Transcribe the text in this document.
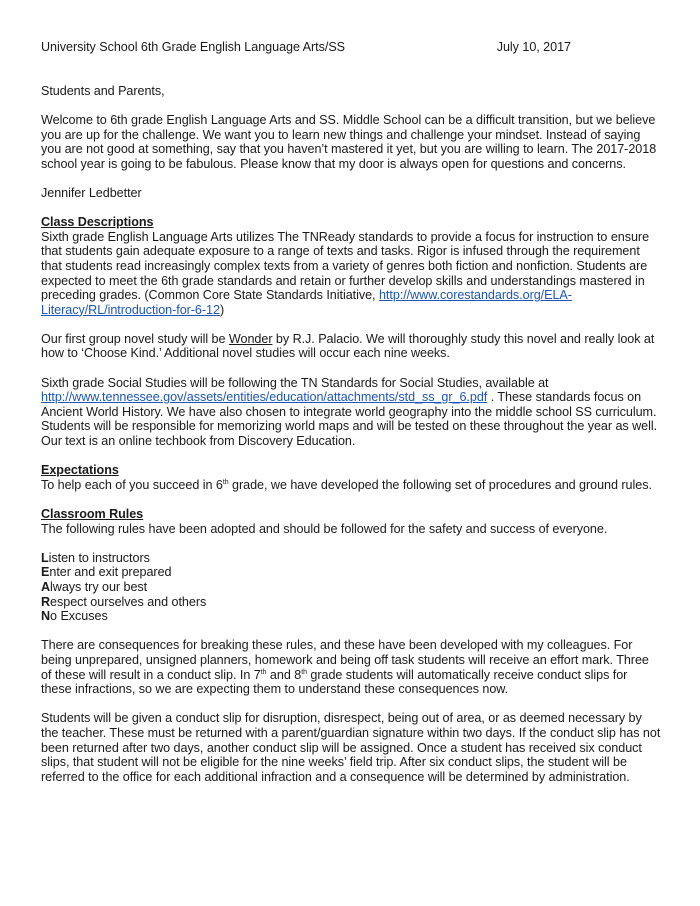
University School 6th Grade English Language Arts/SS	July 10, 2017

Students and Parents,

Welcome to 6th grade English Language Arts and SS. Middle School can be a difficult transition, but we believe you are up for the challenge. We want you to learn new things and challenge your mindset. Instead of saying you are not good at something, say that you haven’t mastered it yet, but you are willing to learn. The 2017-2018 school year is going to be fabulous. Please know that my door is always open for questions and concerns.

Jennifer Ledbetter

Class Descriptions

Sixth grade English Language Arts utilizes The TNReady standards to provide a focus for instruction to ensure that students gain adequate exposure to a range of texts and tasks. Rigor is infused through the requirement that students read increasingly complex texts from a variety of genres both fiction and nonfiction. Students are expected to meet the 6th grade standards and retain or further develop skills and understandings mastered in preceding grades. (Common Core State Standards Initiative, http://www.corestandards.org/ELA-Literacy/RL/introduction-for-6-12)

Our first group novel study will be Wonder by R.J. Palacio. We will thoroughly study this novel and really look at how to ‘Choose Kind.’ Additional novel studies will occur each nine weeks.

Sixth grade Social Studies will be following the TN Standards for Social Studies, available at http://www.tennessee.gov/assets/entities/education/attachments/std_ss_gr_6.pdf . These standards focus on Ancient World History. We have also chosen to integrate world geography into the middle school SS curriculum. Students will be responsible for memorizing world maps and will be tested on these throughout the year as well. Our text is an online techbook from Discovery Education.

Expectations

To help each of you succeed in 6th grade, we have developed the following set of procedures and ground rules.

Classroom Rules

The following rules have been adopted and should be followed for the safety and success of everyone.

Listen to instructors
Enter and exit prepared
Always try our best
Respect ourselves and others
No Excuses

There are consequences for breaking these rules, and these have been developed with my colleagues. For being unprepared, unsigned planners, homework and being off task students will receive an effort mark. Three of these will result in a conduct slip. In 7th and 8th grade students will automatically receive conduct slips for these infractions, so we are expecting them to understand these consequences now.

Students will be given a conduct slip for disruption, disrespect, being out of area, or as deemed necessary by the teacher. These must be returned with a parent/guardian signature within two days. If the conduct slip has not been returned after two days, another conduct slip will be assigned. Once a student has received six conduct slips, that student will not be eligible for the nine weeks’ field trip. After six conduct slips, the student will be referred to the office for each additional infraction and a consequence will be determined by administration.
